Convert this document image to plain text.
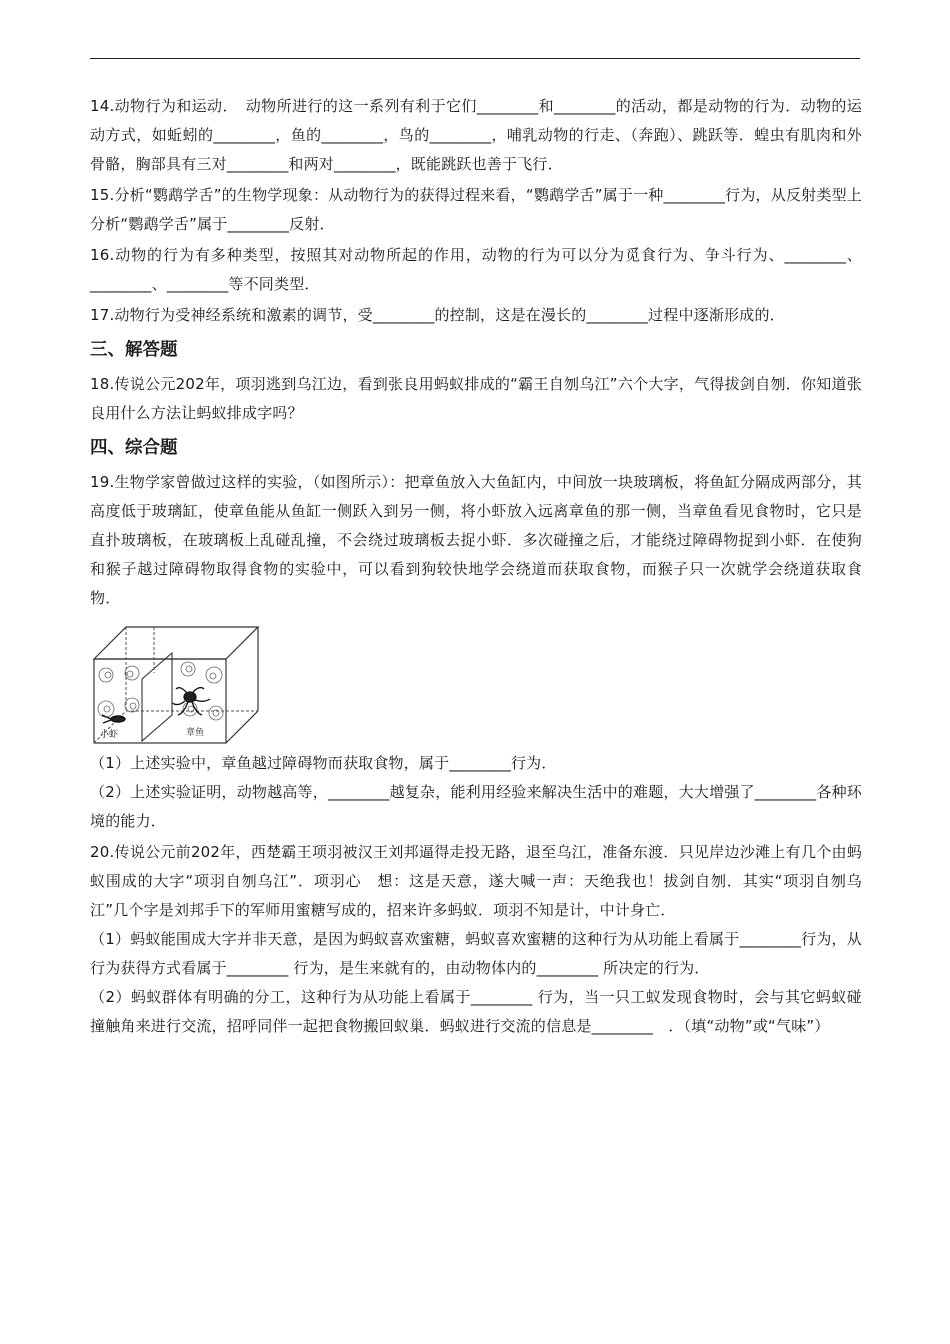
14.动物行为和运动．　动物所进行的这一系列有利于它们________和________的活动，都是动物的行为．动物的运动方式，如蚯蚓的________，鱼的________，鸟的________，哺乳动物的行走、（奔跑）、跳跃等．蝗虫有肌肉和外骨骼，胸部具有三对________和两对________，既能跳跃也善于飞行．

15.分析“鹦鹉学舌”的生物学现象：从动物行为的获得过程来看，“鹦鹉学舌”属于一种________行为，从反射类型上分析“鹦鹉学舌”属于________反射．

16.动物的行为有多种类型，按照其对动物所起的作用，动物的行为可以分为觅食行为、争斗行为、________、________、________等不同类型．

17.动物行为受神经系统和激素的调节，受________的控制，这是在漫长的________过程中逐渐形成的．

三、解答题

18.传说公元202年，项羽逃到乌江边，看到张良用蚂蚁排成的“霸王自刎乌江”六个大字，气得拔剑自刎．你知道张良用什么方法让蚂蚁排成字吗？

四、综合题

19.生物学家曾做过这样的实验，（如图所示）：把章鱼放入大鱼缸内，中间放一块玻璃板，将鱼缸分隔成两部分，其高度低于玻璃缸，使章鱼能从鱼缸一侧跃入到另一侧，将小虾放入远离章鱼的那一侧，当章鱼看见食物时，它只是直扑玻璃板，在玻璃板上乱碰乱撞，不会绕过玻璃板去捉小虾．多次碰撞之后，才能绕过障碍物捉到小虾．在使狗和猴子越过障碍物取得食物的实验中，可以看到狗较快地学会绕道而获取食物，而猴子只一次就学会绕道获取食物．

小虾	章鱼

（1）上述实验中，章鱼越过障碍物而获取食物，属于________行为．

（2）上述实验证明，动物越高等，________越复杂，能利用经验来解决生活中的难题，大大增强了________各种环境的能力．

20.传说公元前202年，西楚霸王项羽被汉王刘邦逼得走投无路，退至乌江，准备东渡．只见岸边沙滩上有几个由蚂蚁围成的大字“项羽自刎乌江”．项羽心　想：这是天意，遂大喊一声：天绝我也！拔剑自刎．其实“项羽自刎乌江”几个字是刘邦手下的军师用蜜糖写成的，招来许多蚂蚁．项羽不知是计，中计身亡．

（1）蚂蚁能围成大字并非天意，是因为蚂蚁喜欢蜜糖，蚂蚁喜欢蜜糖的这种行为从功能上看属于________行为，从行为获得方式看属于________ 行为，是生来就有的，由动物体内的________ 所决定的行为．

（2）蚂蚁群体有明确的分工，这种行为从功能上看属于________ 行为，当一只工蚁发现食物时，会与其它蚂蚁碰撞触角来进行交流，招呼同伴一起把食物搬回蚁巢．蚂蚁进行交流的信息是________　．（填“动物”或“气味”）
